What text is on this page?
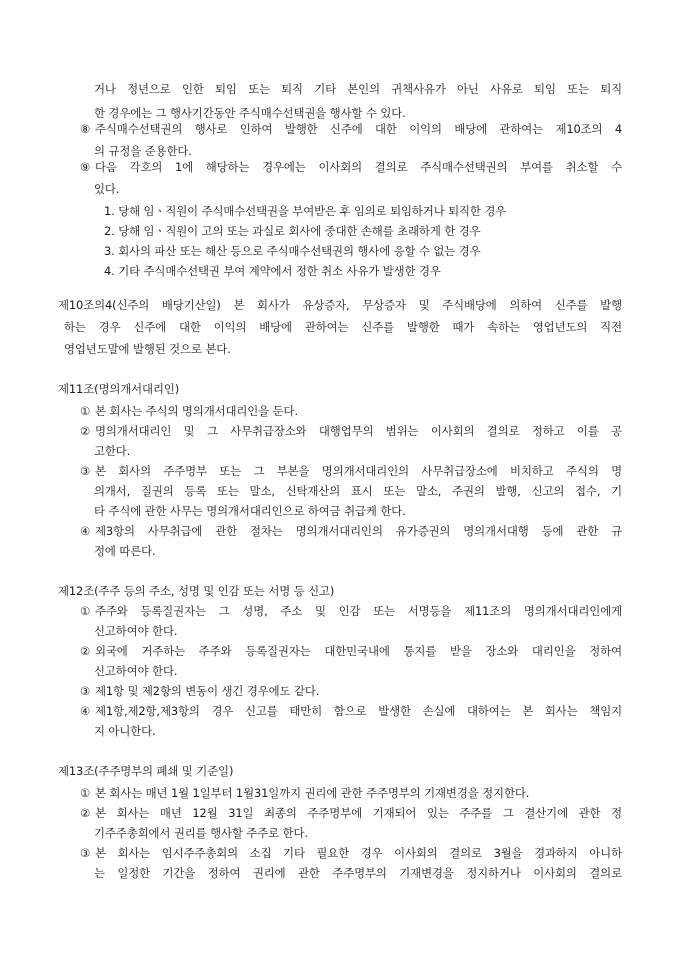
거나 정년으로 인한 퇴임 또는 퇴직 기타 본인의 귀책사유가 아닌 사유로 퇴임 또는 퇴직
한 경우에는 그 행사기간동안 주식매수선택권을 행사할 수 있다.
⑧ 주식매수선택권의 행사로 인하여 발행한 신주에 대한 이익의 배당에 관하여는 제10조의 4
의 규정을 준용한다.
⑨ 다음 각호의 1에 해당하는 경우에는 이사회의 결의로 주식매수선택권의 부여를 취소할 수
있다.
1. 당해 임ㆍ직원이 주식매수선택권을 부여받은 후 임의로 퇴임하거나 퇴직한 경우
2. 당해 임ㆍ직원이 고의 또는 과실로 회사에 중대한 손해를 초래하게 한 경우
3. 회사의 파산 또는 해산 등으로 주식매수선택권의 행사에 응할 수 없는 경우
4. 기타 주식매수선택권 부여 계약에서 정한 취소 사유가 발생한 경우
제10조의4(신주의 배당기산일) 본 회사가 유상증자, 무상증자 및 주식배당에 의하여 신주를 발행
하는 경우 신주에 대한 이익의 배당에 관하여는 신주를 발행한 때가 속하는 영업년도의 직전
영업년도말에 발행된 것으로 본다.
제11조(명의개서대리인)
① 본 회사는 주식의 명의개서대리인을 둔다.
② 명의개서대리인 및 그 사무취급장소와 대행업무의 범위는 이사회의 결의로 정하고 이를 공
고한다.
③ 본 회사의 주주명부 또는 그 부본을 명의개서대리인의 사무취급장소에 비치하고 주식의 명
의개서, 질권의 등록 또는 말소, 신탁재산의 표시 또는 말소, 주권의 발행, 신고의 접수, 기
타 주식에 관한 사무는 명의개서대리인으로 하여금 취급케 한다.
④ 제3항의 사무취급에 관한 절차는 명의개서대리인의 유가증권의 명의개서대행 등에 관한 규
정에 따른다.
제12조(주주 등의 주소, 성명 및 인감 또는 서명 등 신고)
① 주주와 등록질권자는 그 성명, 주소 및 인감 또는 서명등을 제11조의 명의개서대리인에게
신고하여야 한다.
② 외국에 거주하는 주주와 등록질권자는 대한민국내에 통지를 받을 장소와 대리인을 정하여
신고하여야 한다.
③ 제1항 및 제2항의 변동이 생긴 경우에도 같다.
④ 제1항,제2항,제3항의 경우 신고를 태만히 함으로 발생한 손실에 대하여는 본 회사는 책임지
지 아니한다.
제13조(주주명부의 폐쇄 및 기준일)
① 본 회사는 매년 1월 1일부터 1월31일까지 권리에 관한 주주명부의 기재변경을 정지한다.
② 본 회사는 매년 12월 31일 최종의 주주명부에 기재되어 있는 주주를 그 결산기에 관한 정
기주주총회에서 권리를 행사할 주주로 한다.
③ 본 회사는 임시주주총회의 소집 기타 필요한 경우 이사회의 결의로 3월을 경과하지 아니하
는 일정한 기간을 정하여 권리에 관한 주주명부의 기재변경을 정지하거나 이사회의 결의로
